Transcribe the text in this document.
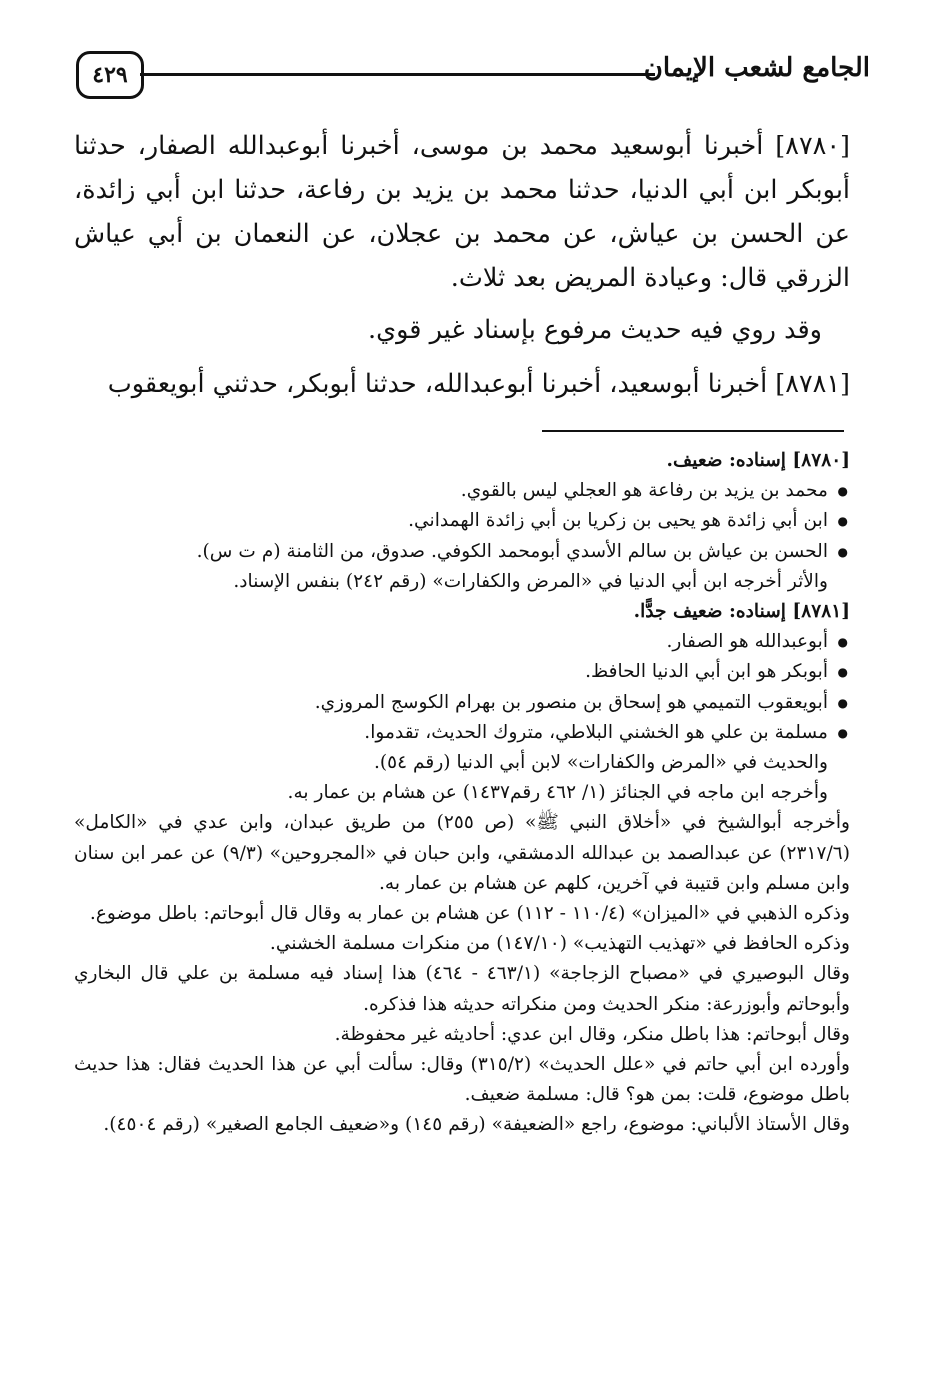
الجامع لشعب الإيمان
٤٢٩

[٨٧٨٠] أخبرنا أبوسعيد محمد بن موسى، أخبرنا أبوعبدالله الصفار، حدثنا أبوبكر ابن أبي الدنيا، حدثنا محمد بن يزيد بن رفاعة، حدثنا ابن أبي زائدة، عن الحسن بن عياش، عن محمد بن عجلان، عن النعمان بن أبي عياش الزرقي قال: وعيادة المريض بعد ثلاث.

وقد روي فيه حديث مرفوع بإسناد غير قوي.

[٨٧٨١] أخبرنا أبوسعيد، أخبرنا أبوعبدالله، حدثنا أبوبكر، حدثني أبويعقوب

[٨٧٨٠] إسناده: ضعيف.

● محمد بن يزيد بن رفاعة هو العجلي ليس بالقوي.

● ابن أبي زائدة هو يحيى بن زكريا بن أبي زائدة الهمداني.

● الحسن بن عياش بن سالم الأسدي أبومحمد الكوفي. صدوق، من الثامنة (م ت س).

والأثر أخرجه ابن أبي الدنيا في «المرض والكفارات» (رقم ٢٤٢) بنفس الإسناد.

[٨٧٨١] إسناده: ضعيف جدًّا.

● أبوعبدالله هو الصفار.

● أبوبكر هو ابن أبي الدنيا الحافظ.

● أبويعقوب التميمي هو إسحاق بن منصور بن بهرام الكوسج المروزي.

● مسلمة بن علي هو الخشني البلاطي، متروك الحديث، تقدموا.

والحديث في «المرض والكفارات» لابن أبي الدنيا (رقم ٥٤).

وأخرجه ابن ماجه في الجنائز (١/ ٤٦٢ رقم١٤٣٧) عن هشام بن عمار به.

وأخرجه أبوالشيخ في «أخلاق النبي ﷺ» (ص ٢٥٥) من طريق عبدان، وابن عدي في «الكامل» (٢٣١٧/٦) عن عبدالصمد بن عبدالله الدمشقي، وابن حبان في «المجروحين» (٩/٣) عن عمر ابن سنان وابن مسلم وابن قتيبة في آخرين، كلهم عن هشام بن عمار به.

وذكره الذهبي في «الميزان» (١١٠/٤ - ١١٢) عن هشام بن عمار به وقال قال أبوحاتم: باطل موضوع.

وذكره الحافظ في «تهذيب التهذيب» (١٤٧/١٠) من منكرات مسلمة الخشني.

وقال البوصيري في «مصباح الزجاجة» (٤٦٣/١ - ٤٦٤) هذا إسناد فيه مسلمة بن علي قال البخاري وأبوحاتم وأبوزرعة: منكر الحديث ومن منكراته حديثه هذا فذكره.

وقال أبوحاتم: هذا باطل منكر، وقال ابن عدي: أحاديثه غير محفوظة.

وأورده ابن أبي حاتم في «علل الحديث» (٣١٥/٢) وقال: سألت أبي عن هذا الحديث فقال: هذا حديث باطل موضوع، قلت: بمن هو؟ قال: مسلمة ضعيف.

وقال الأستاذ الألباني: موضوع، راجع «الضعيفة» (رقم ١٤٥) و«ضعيف الجامع الصغير» (رقم ٤٥٠٤).
